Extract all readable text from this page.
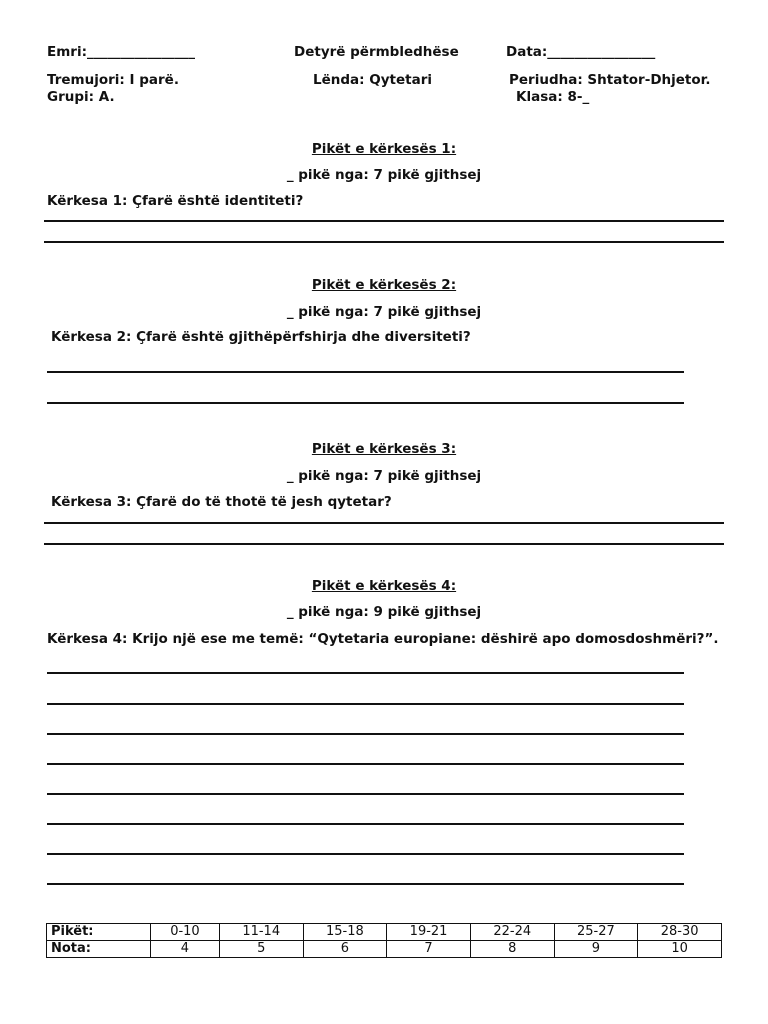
Emri:________________	Detyrë përmbledhëse	Data:________________
Tremujori: I parë.	Lënda: Qytetari	Periudha: Shtator-Dhjetor.
Grupi: A.	Klasa: 8-_
Pikët e kërkesës 1:
_ pikë nga: 7 pikë gjithsej
Kërkesa 1: Çfarë është identiteti?
Pikët e kërkesës 2:
_ pikë nga: 7 pikë gjithsej
Kërkesa 2: Çfarë është gjithëpërfshirja dhe diversiteti?
Pikët e kërkesës 3:
_ pikë nga: 7 pikë gjithsej
Kërkesa 3: Çfarë do të thotë të jesh qytetar?
Pikët e kërkesës 4:
_ pikë nga: 9 pikë gjithsej
Kërkesa 4: Krijo një ese me temë: “Qytetaria europiane: dëshirë apo domosdoshmëri?”.
Pikët:	0-10	11-14	15-18	19-21	22-24	25-27	28-30
Nota:	4	5	6	7	8	9	10
